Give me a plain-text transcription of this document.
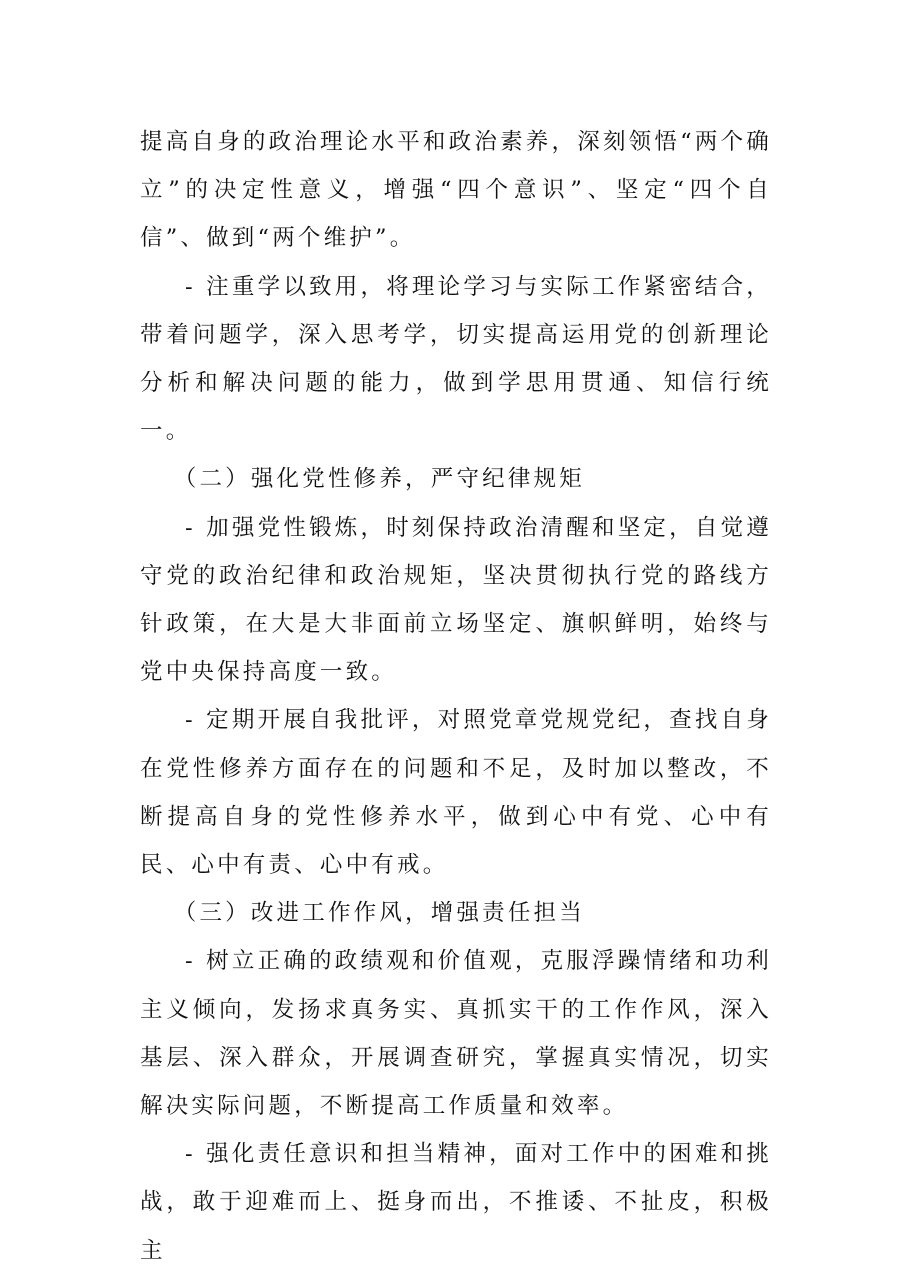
提高自身的政治理论水平和政治素养，深刻领悟“两个确立”的决定性意义，增强“四个意识”、坚定“四个自信”、做到“两个维护”。

- 注重学以致用，将理论学习与实际工作紧密结合，带着问题学，深入思考学，切实提高运用党的创新理论分析和解决问题的能力，做到学思用贯通、知信行统一。

（二）强化党性修养，严守纪律规矩

- 加强党性锻炼，时刻保持政治清醒和坚定，自觉遵守党的政治纪律和政治规矩，坚决贯彻执行党的路线方针政策，在大是大非面前立场坚定、旗帜鲜明，始终与党中央保持高度一致。

- 定期开展自我批评，对照党章党规党纪，查找自身在党性修养方面存在的问题和不足，及时加以整改，不断提高自身的党性修养水平，做到心中有党、心中有民、心中有责、心中有戒。

（三）改进工作作风，增强责任担当

- 树立正确的政绩观和价值观，克服浮躁情绪和功利主义倾向，发扬求真务实、真抓实干的工作作风，深入基层、深入群众，开展调查研究，掌握真实情况，切实解决实际问题，不断提高工作质量和效率。

- 强化责任意识和担当精神，面对工作中的困难和挑战，敢于迎难而上、挺身而出，不推诿、不扯皮，积极主
